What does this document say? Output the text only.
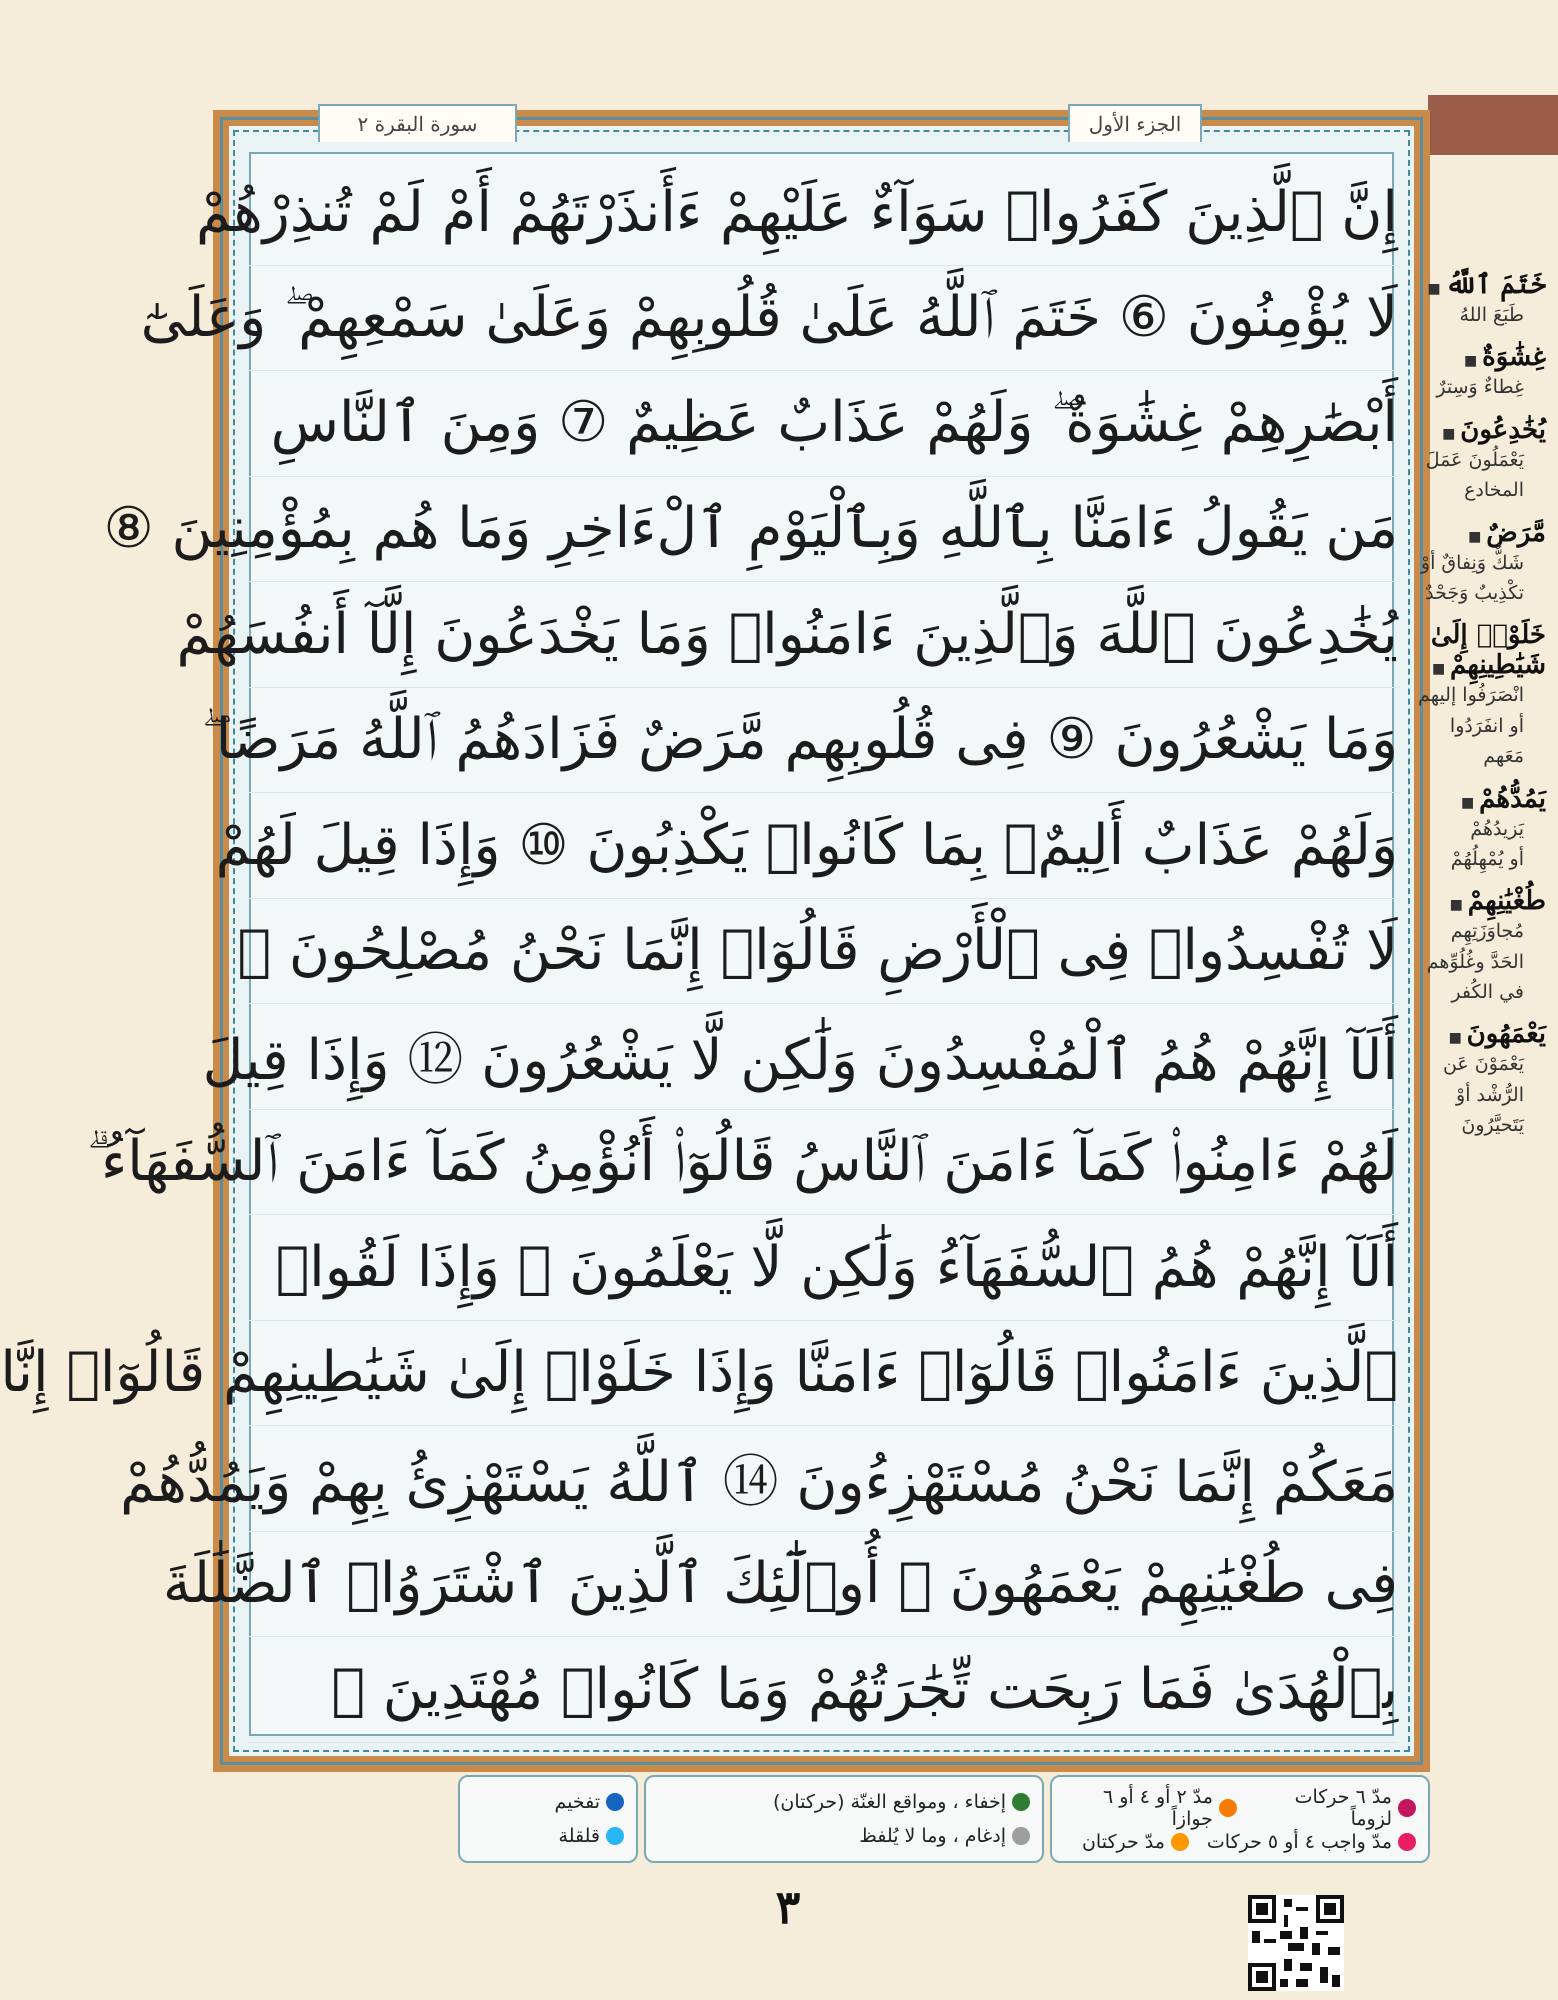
سورة البقرة ٢	الجزء الأول
إِنَّ ٱلَّذِينَ كَفَرُوا۟ سَوَآءٌ عَلَيْهِمْ ءَأَنذَرْتَهُمْ أَمْ لَمْ تُنذِرْهُمْ
لَا يُؤْمِنُونَ ⑥ خَتَمَ ٱللَّهُ عَلَىٰ قُلُوبِهِمْ وَعَلَىٰ سَمْعِهِمْ ۖ وَعَلَىٰٓ
أَبْصَٰرِهِمْ غِشَٰوَةٌ ۖ وَلَهُمْ عَذَابٌ عَظِيمٌ ⑦ وَمِنَ ٱلنَّاسِ
مَن يَقُولُ ءَامَنَّا بِٱللَّهِ وَبِٱلْيَوْمِ ٱلْءَاخِرِ وَمَا هُم بِمُؤْمِنِينَ ⑧
يُخَٰدِعُونَ ٱللَّهَ وَٱلَّذِينَ ءَامَنُوا۟ وَمَا يَخْدَعُونَ إِلَّآ أَنفُسَهُمْ
وَمَا يَشْعُرُونَ ⑨ فِى قُلُوبِهِم مَّرَضٌ فَزَادَهُمُ ٱللَّهُ مَرَضًا ۖ
وَلَهُمْ عَذَابٌ أَلِيمٌۢ بِمَا كَانُوا۟ يَكْذِبُونَ ⑩ وَإِذَا قِيلَ لَهُمْ
لَا تُفْسِدُوا۟ فِى ٱلْأَرْضِ قَالُوٓا۟ إِنَّمَا نَحْنُ مُصْلِحُونَ ⑪
أَلَآ إِنَّهُمْ هُمُ ٱلْمُفْسِدُونَ وَلَٰكِن لَّا يَشْعُرُونَ ⑫ وَإِذَا قِيلَ
لَهُمْ ءَامِنُوا۟ كَمَآ ءَامَنَ ٱلنَّاسُ قَالُوٓا۟ أَنُؤْمِنُ كَمَآ ءَامَنَ ٱلسُّفَهَآءُ ۗ
أَلَآ إِنَّهُمْ هُمُ ٱلسُّفَهَآءُ وَلَٰكِن لَّا يَعْلَمُونَ ⑬ وَإِذَا لَقُوا۟
ٱلَّذِينَ ءَامَنُوا۟ قَالُوٓا۟ ءَامَنَّا وَإِذَا خَلَوْا۟ إِلَىٰ شَيَٰطِينِهِمْ قَالُوٓا۟ إِنَّا
مَعَكُمْ إِنَّمَا نَحْنُ مُسْتَهْزِءُونَ ⑭ ٱللَّهُ يَسْتَهْزِئُ بِهِمْ وَيَمُدُّهُمْ
فِى طُغْيَٰنِهِمْ يَعْمَهُونَ ⑮ أُو۟لَٰٓئِكَ ٱلَّذِينَ ٱشْتَرَوُا۟ ٱلضَّلَٰلَةَ
بِٱلْهُدَىٰ فَمَا رَبِحَت تِّجَٰرَتُهُمْ وَمَا كَانُوا۟ مُهْتَدِينَ ⑯
خَتَمَ ٱللَّهُ ■
طَبَعَ اللهُ
غِشَٰوَةٌ ■
غِطاءٌ وَسِترٌ
يُخَٰدِعُونَ ■
يَعْمَلُونَ عَمَلَ
المخادع
مَّرَضٌ ■
شَكٌّ وَنِفاقٌ أوْ
تكْذِيبٌ وَجَحْدٌ
خَلَوْا۟ إِلَىٰ شَيَٰطِينِهِمْ ■
انْصَرَفُوا إليهم
أو انفَرَدُوا
مَعَهم
يَمُدُّهُمْ ■
يَزيدُهُمْ
أو يُمْهِلُهُمْ
طُغْيَٰنِهِمْ ■
مُجاوَزَتِهِم
الحَدَّ وغُلُوِّهم
في الكُفر
يَعْمَهُونَ ■
يَعْمَوْنَ عَن
الرُّشْد أوْ
يَتَحيَّرُونَ
مدّ ٦ حركات لزوماً
مدّ ٢ أو ٤ أو ٦ جوازاً
مدّ واجب ٤ أو ٥ حركات
مدّ حركتان
إخفاء ، ومواقع الغنّة (حركتان)
إدغام ، وما لا يُلفظ
تفخيم
قلقلة
٣
